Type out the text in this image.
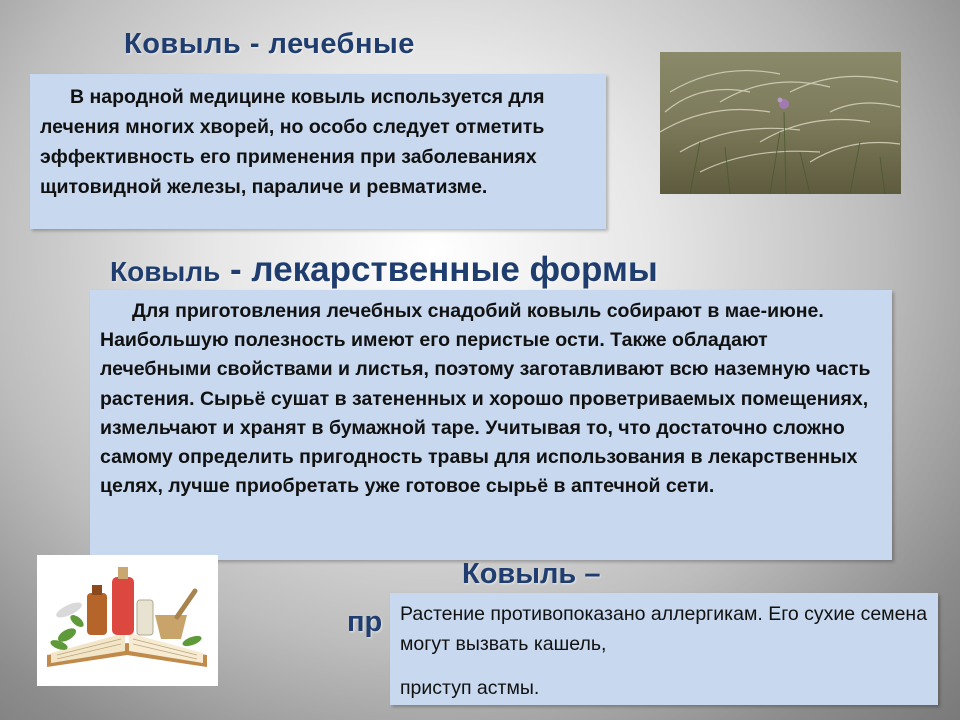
Ковыль - лечебные

В народной медицине ковыль используется для лечения многих хворей, но особо следует отметить эффективность его применения при заболеваниях щитовидной железы, параличе и ревматизме.

Ковыль - лекарственные формы

Для приготовления лечебных снадобий ковыль собирают в мае-июне. Наибольшую полезность имеют его перистые ости. Также обладают лечебными свойствами и листья, поэтому заготавливают всю наземную часть растения. Сырьё сушат в затененных и хорошо проветриваемых помещениях, измельчают и хранят в бумажной таре. Учитывая то, что достаточно сложно самому определить пригодность травы для использования в лекарственных целях, лучше приобретать уже готовое сырьё в аптечной сети.

Ковыль –
пр Растение противопоказано аллергикам. Его сухие семена могут вызвать кашель,

приступ астмы.
